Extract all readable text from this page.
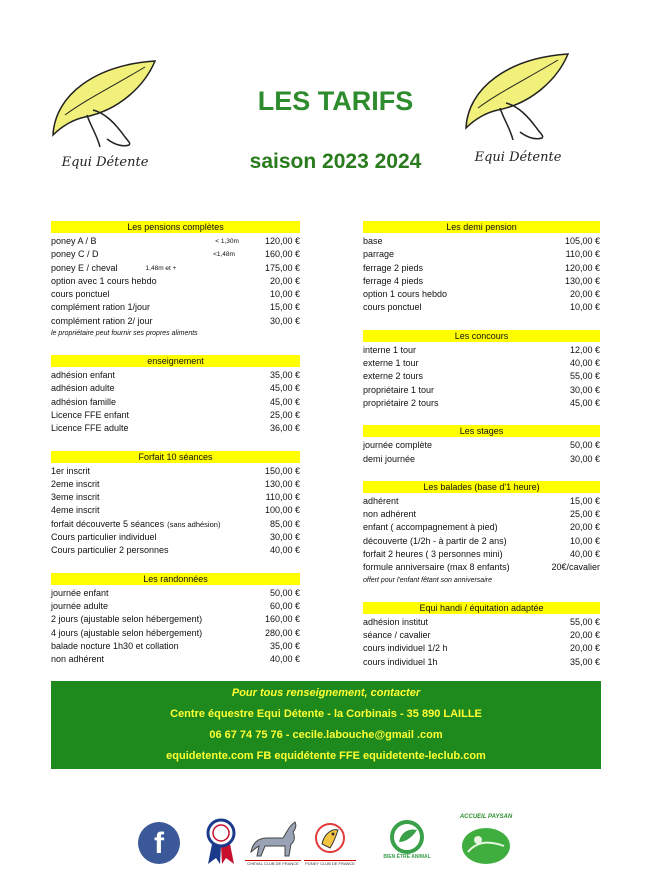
Equi Détente	Equi Détente
LES TARIFS
saison 2023 2024
Les pensions complètes
poney A / B	< 1,30m	120,00 €
poney C / D	<1,48m	160,00 €
poney E / cheval	1,48m et +	175,00 €
option avec 1 cours hebdo	20,00 €
cours ponctuel	10,00 €
complément ration 1/jour	15,00 €
complément ration 2/ jour	30,00 €
le propriétaire peut fournir ses propres aliments
enseignement
adhésion enfant	35,00 €
adhésion adulte	45,00 €
adhésion famille	45,00 €
Licence FFE enfant	25,00 €
Licence FFE adulte	36,00 €
Forfait 10 séances
1er inscrit	150,00 €
2eme inscrit	130,00 €
3eme inscrit	110,00 €
4eme inscrit	100,00 €
forfait découverte 5 séances (sans adhésion)	85,00 €
Cours particulier individuel	30,00 €
Cours particulier 2 personnes	40,00 €
Les randonnées
journée enfant	50,00 €
journée adulte	60,00 €
2 jours (ajustable selon hébergement)	160,00 €
4 jours (ajustable selon hébergement)	280,00 €
balade nocture 1h30 et collation	35,00 €
non adhérent	40,00 €
Les demi pension
base	105,00 €
parrage	110,00 €
ferrage 2 pieds	120,00 €
ferrage 4 pieds	130,00 €
option 1 cours hebdo	20,00 €
cours ponctuel	10,00 €
Les concours
interne 1 tour	12,00 €
externe 1 tour	40,00 €
externe 2 tours	55,00 €
propriétaire 1 tour	30,00 €
propriétaire 2 tours	45,00 €
Les stages
journée complète	50,00 €
demi journée	30,00 €
Les balades (base d'1 heure)
adhérent	15,00 €
non adhérent	25,00 €
enfant ( accompagnement à pied)	20,00 €
découverte (1/2h - à partir de 2 ans)	10,00 €
forfait 2 heures ( 3 personnes mini)	40,00 €
formule anniversaire (max 8 enfants)	20€/cavalier
offert pour l'enfant fêtant son anniversaire
Equi handi / équitation adaptée
adhésion institut	55,00 €
séance / cavalier	20,00 €
cours individuel 1/2 h	20,00 €
cours individuel 1h	35,00 €
Pour tous renseignement, contacter
Centre équestre Equi Détente - la Corbinais - 35 890 LAILLE
06 67 74 75 76 - cecile.labouche@gmail .com
equidetente.com FB equidétente FFE equidetente-leclub.com
f
CHEVAL CLUB DE FRANCE	PONEY CLUB DE FRANCE
BIEN ÊTRE ANIMAL
ACCUEIL PAYSAN
